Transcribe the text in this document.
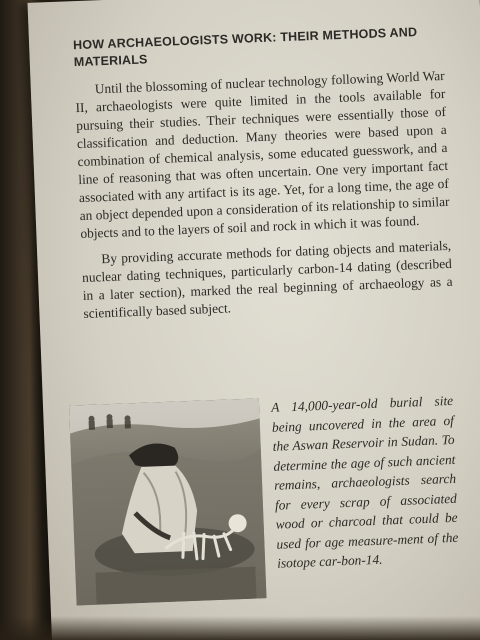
HOW ARCHAEOLOGISTS WORK: THEIR METHODS AND MATERIALS

Until the blossoming of nuclear technology following World War II, archaeologists were quite limited in the tools available for pursuing their studies. Their techniques were essentially those of classification and deduction. Many theories were based upon a combination of chemical analysis, some educated guesswork, and a line of reasoning that was often uncertain. One very important fact associated with any artifact is its age. Yet, for a long time, the age of an object depended upon a consideration of its relationship to similar objects and to the layers of soil and rock in which it was found.

By providing accurate methods for dating objects and materials, nuclear dating techniques, particularly carbon-14 dating (described in a later section), marked the real beginning of archaeology as a scientifically based subject.

A 14,000-year-old burial site being uncovered in the area of the Aswan Reservoir in Sudan. To determine the age of such ancient remains, archaeologists search for every scrap of associated wood or charcoal that could be used for age measure-ment of the isotope car-bon-14.
